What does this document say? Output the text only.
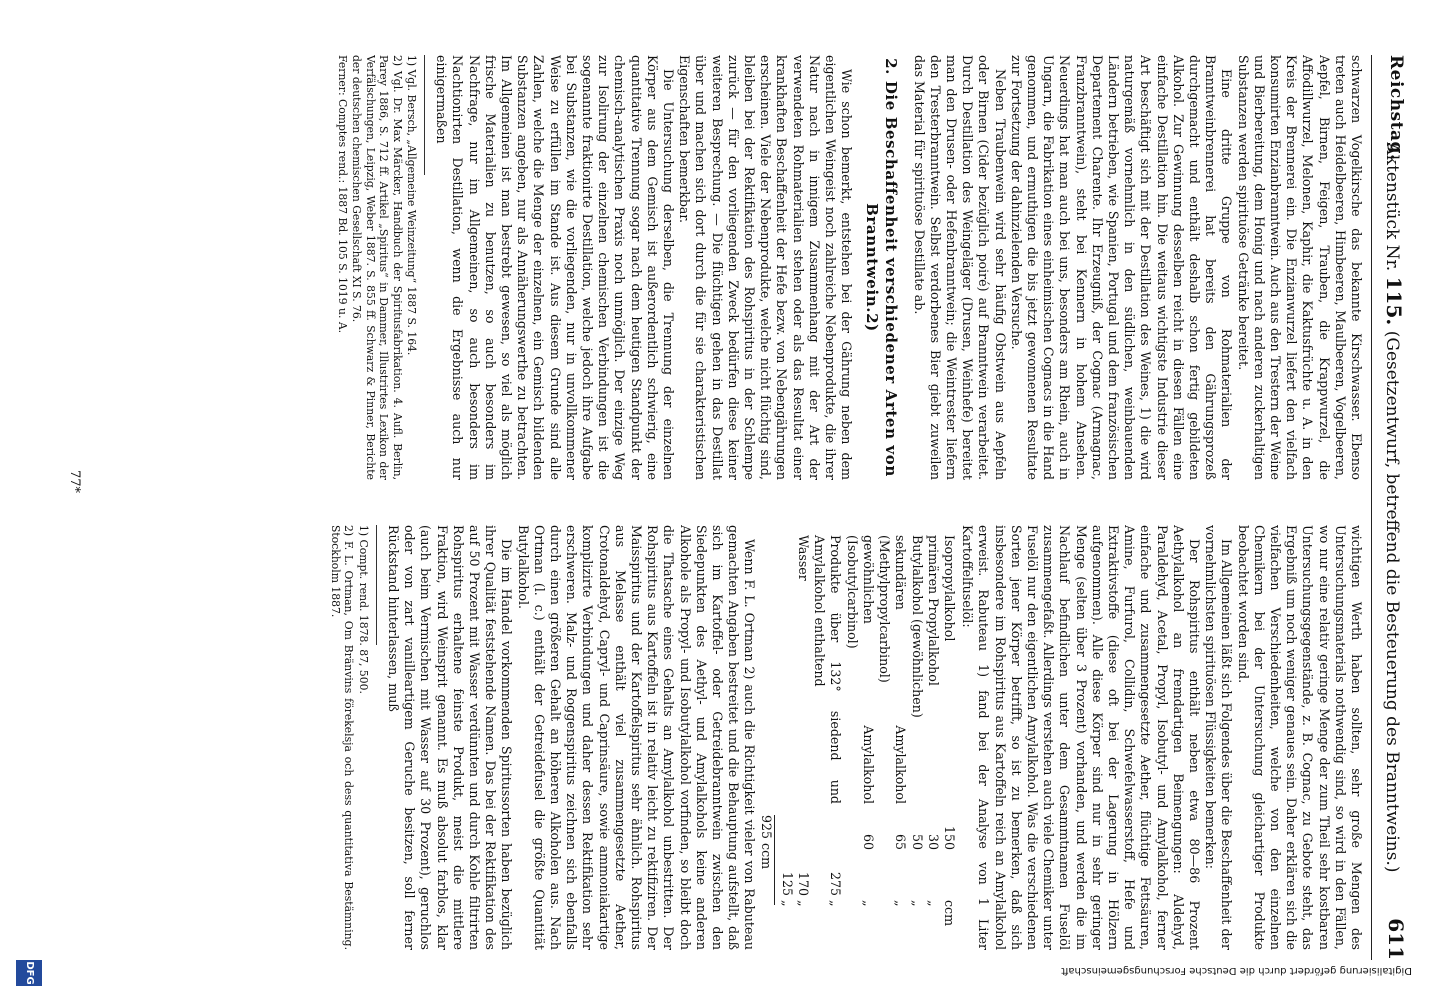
Reichstag.
Aktenstück Nr. 115. (Gesetzentwurf, betreffend die Besteuerung des Branntweins.)
611

schwarzen Vogelkirsche das bekannte Kirschwasser. Ebenso treten auch Heidelbeeren, Himbeeren, Maulbeeren, Vogelbeeren, Aepfel, Birnen, Feigen, Trauben, die Krappwurzel, die Affodillwurzel, Melonen, Kaphir, die Kaktusfrüchte u. A. in den Kreis der Brennerei ein. Die Enzianwurzel liefert den vielfach konsumirten Enzianbranntwein. Auch aus den Trestern der Weine und Bierbereitung, dem Honig und nach anderen zuckerhaltigen Substanzen werden spirituöse Getränke bereitet.

Eine dritte Gruppe von Rohmaterialien der Branntweinbrennerei hat bereits den Gährungsprozeß durchgemacht und enthält deshalb schon fertig gebildeten Alkohol. Zur Gewinnung desselben reicht in diesen Fällen eine einfache Destillation hin. Die weitaus wichtigste Industrie dieser Art beschäftigt sich mit der Destillation des Weines, 1) die wird naturgemäß vornehmlich in den südlichen, weinbauenden Ländern betrieben, wie Spanien, Portugal und dem französischen Departement Charente. Ihr Erzeugniß, der Cognac (Armagnac, Franzbranntwein), steht bei Kennern in hohem Ansehen. Neuerdings hat man auch bei uns, besonders am Rhein, auch in Ungarn, die Fabrikation eines einheimischen Cognacs in die Hand genommen, und ermuthigen die bis jetzt gewonnenen Resultate zur Fortsetzung der dahinzielenden Versuche.

Neben Traubenwein wird sehr häufig Obstwein aus Aepfeln oder Birnen (Cider bezüglich poiré) auf Branntwein verarbeitet. Durch Destillation des Weingeläger (Drusen, Weinhefe) bereitet man den Drusen- oder Hefenbranntwein; die Weintrester liefern den Tresterbranntwein. Selbst verdorbenes Bier giebt zuweilen das Material für spirituöse Destillate ab.

2. Die Beschaffenheit verschiedener Arten von Branntwein.2)

Wie schon bemerkt, entstehen bei der Gährung neben dem eigentlichen Weingeist noch zahlreiche Nebenprodukte, die ihrer Natur nach in innigem Zusammenhang mit der Art der verwendeten Rohmaterialien stehen oder als das Resultat einer krankhaften Beschaffenheit der Hefe bezw. von Nebengährungen erscheinen. Viele der Nebenprodukte, welche nicht flüchtig sind, bleiben bei der Rektifikation des Rohspiritus in der Schlempe zurück — für den vorliegenden Zweck bedürfen diese keiner weiteren Besprechung. — Die flüchtigen gehen in das Destillat über und machen sich dort durch die für sie charakteristischen Eigenschaften bemerkbar.

Die Untersuchung derselben, die Trennung der einzelnen Körper aus dem Gemisch ist außerordentlich schwierig, eine quantitative Trennung sogar nach dem heutigen Standpunkt der chemisch-analytischen Praxis noch unmöglich. Der einzige Weg zur Isolirung der einzelnen chemischen Verbindungen ist die sogenannte fraktionirte Destillation, welche jedoch ihre Aufgabe bei Substanzen, wie die vorliegenden, nur in unvollkommener Weise zu erfüllen im Stande ist. Aus diesem Grunde sind alle Zahlen, welche die Menge der einzelnen, ein Gemisch bildenden Substanzen angeben, nur als Annäherungswerthe zu betrachten. Im Allgemeinen ist man bestrebt gewesen, so viel als möglich frische Materialien zu benutzen, so auch besonders im Nachfrage, nur im Allgemeinen, so auch besonders im Nachtionirten Destillation, wenn die Ergebnisse auch nur einigermaßen

1) Vgl. Bersch, „Allgemeine Weinzeitung“ 1887 S. 164.
2) Vgl. Dr. Max Märcker, Handbuch der Spiritusfabrikation. 4. Aufl. Berlin, Parey 1886, S. 712 ff. Artikel „Spiritus“ in Dammer, Illustrirtes Lexikon der Verfälschungen, Leipzig, Weber 1887. S. 855 ff. Schwarz & Pinner, Berichte der deutschen chemischen Gesellschaft XI S. 76.
Ferner: Comptes rend.: 1887 Bd. 105 S. 1019 u. A.

wichtigen Werth haben sollten, sehr große Mengen des Untersuchungsmaterials nothwendig sind, so wird in den Fällen, wo nur eine relativ geringe Menge der zum Theil sehr kostbaren Untersuchungsgegenstände, z. B. Cognac, zu Gebote steht, das Ergebniß um noch weniger genaues sein. Daher erklären sich die vielfachen Verschiedenheiten, welche von den einzelnen Chemikern bei der Untersuchung gleichartiger Produkte beobachtet worden sind.

Im Allgemeinen läßt sich Folgendes über die Beschaffenheit der vornehmlichsten spirituösen Flüssigkeiten bemerken:

Der Rohspiritus enthält neben etwa 80—86 Prozent Aethylalkohol an fremdartigen Beimengungen: Aldehyd, Paraldehyd, Acetal, Propyl, Isobutyl- und Amylalkohol, ferner einfache und zusammengesetzte Aether, flüchtige Fettsäuren, Amine, Furfurol, Collidin, Schwefelwasserstoff, Hefe und Extraktivstoffe (diese oft bei der Lagerung in Hölzern aufgenommen). Alle diese Körper sind nur in sehr geringer Menge (selten über 3 Prozent) vorhanden, und werden die im Nachlauf befindlichen unter dem Gesammtnamen Fuselöl zusammengefaßt. Allerdings verstehen auch viele Chemiker unter Fuselöl nur den eigentlichen Amylalkohol. Was die verschiedenen Sorten jener Körper betrifft, so ist zu bemerken, daß sich insbesondere im Rohspiritus aus Kartoffeln reich an Amylalkohol erweist. Rabuteau 1) fand bei der Analyse von 1 Liter Kartoffelfuselöl:

Isopropylalkohol	150		ccm
primären Propylalkohol	30		„
Butylalkohol (gewöhnlichen)	50		„
sekundären Amylalkohol (Methylpropylcarbinol)	65		„
gewöhnlichen Amylalkohol (Isobutylcarbinol)	60		„
Produkte über 132° siedend und Amylalkohol enthaltend		275	„
Wasser		170	„
		125	„
925 ccm

Wenn F. L. Ortman 2) auch die Richtigkeit vieler von Rabuteau gemachten Angaben bestreitet und die Behauptung aufstellt, daß sich im Kartoffel- oder Getreidebranntwein zwischen den Siedepunkten des Aethyl- und Amylalkohols keine anderen Alkohole als Propyl- und Isobutylalkohol vorfinden, so bleibt doch die Thatsache eines Gehalts an Amylalkohol unbestritten. Der Rohspiritus aus Kartoffeln ist in relativ leicht zu rektifiziren. Der Maisspiritus und der Kartoffelspiritus sehr ähnlich. Rohspiritus aus Melasse enthält viel zusammengesetzte Aether, Crotonaldehyd, Capryl- und Caprinsäure, sowie ammoniakartige komplizirte Verbindungen und daher dessen Rektifikation sehr erschweren. Malz- und Roggenspiritus zeichnen sich ebenfalls durch einen größeren Gehalt an höheren Alkoholen aus. Nach Ortman (l. c.) enthält der Getreidefusel die größte Quantität Butylalkohol.

Die im Handel vorkommenden Spiritussorten haben bezüglich ihrer Qualität feststehende Namen. Das bei der Rektifikation des auf 50 Prozent mit Wasser verdünnten und durch Kohle filtrirten Rohspiritus erhaltene feinste Produkt, meist die mittlere Fraktion, wird Weinsprit genannt. Es muß absolut farblos, klar (auch beim Vermischen mit Wasser auf 30 Prozent), geruchlos oder von zart vanilleartigem Geruche besitzen, soll ferner Rückstand hinterlassen, muß

1) Compt. rend. 1878. 87, 500.
2) F. L. Ortman, Om Bränvins förekelsja och dess quantitativa Bestämning. Stockholm 1887.
77*
Digitalisierung gefördert durch die Deutsche Forschungsgemeinschaft
DFG
